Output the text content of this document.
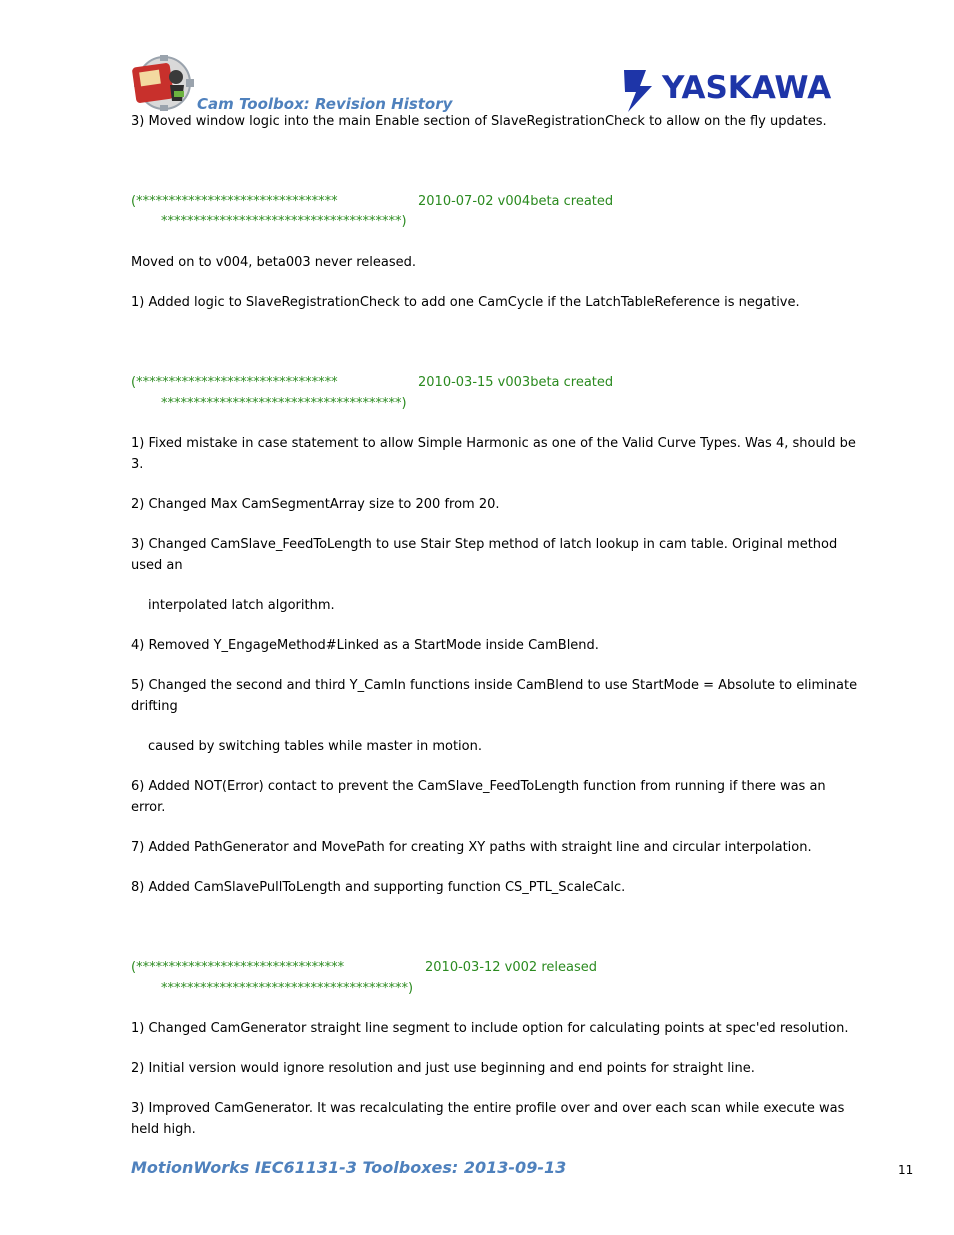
Cam Toolbox: Revision History	YASKAWA
3) Moved window logic into the main Enable section of SlaveRegistrationCheck to allow on the fly updates.
(*******************************	2010-07-02 v004beta created
*************************************)
Moved on to v004, beta003 never released.
1) Added logic to SlaveRegistrationCheck to add one CamCycle if the LatchTableReference is negative.
(*******************************	2010-03-15 v003beta created
*************************************)
1) Fixed mistake in case statement to allow Simple Harmonic as one of the Valid Curve Types. Was 4, should be
3.
2) Changed Max CamSegmentArray size to 200 from 20.
3) Changed CamSlave_FeedToLength to use Stair Step method of latch lookup in cam table. Original method
used an
interpolated latch algorithm.
4) Removed Y_EngageMethod#Linked as a StartMode inside CamBlend.
5) Changed the second and third Y_CamIn functions inside CamBlend to use StartMode = Absolute to eliminate
drifting
caused by switching tables while master in motion.
6) Added NOT(Error) contact to prevent the CamSlave_FeedToLength function from running if there was an
error.
7) Added PathGenerator and MovePath for creating XY paths with straight line and circular interpolation.
8) Added CamSlavePullToLength and supporting function CS_PTL_ScaleCalc.
(********************************	2010-03-12 v002 released
**************************************)
1) Changed CamGenerator straight line segment to include option for calculating points at spec'ed resolution.
2) Initial version would ignore resolution and just use beginning and end points for straight line.
3) Improved CamGenerator. It was recalculating the entire profile over and over each scan while execute was
held high.
MotionWorks IEC61131-3 Toolboxes: 2013-09-13	11
